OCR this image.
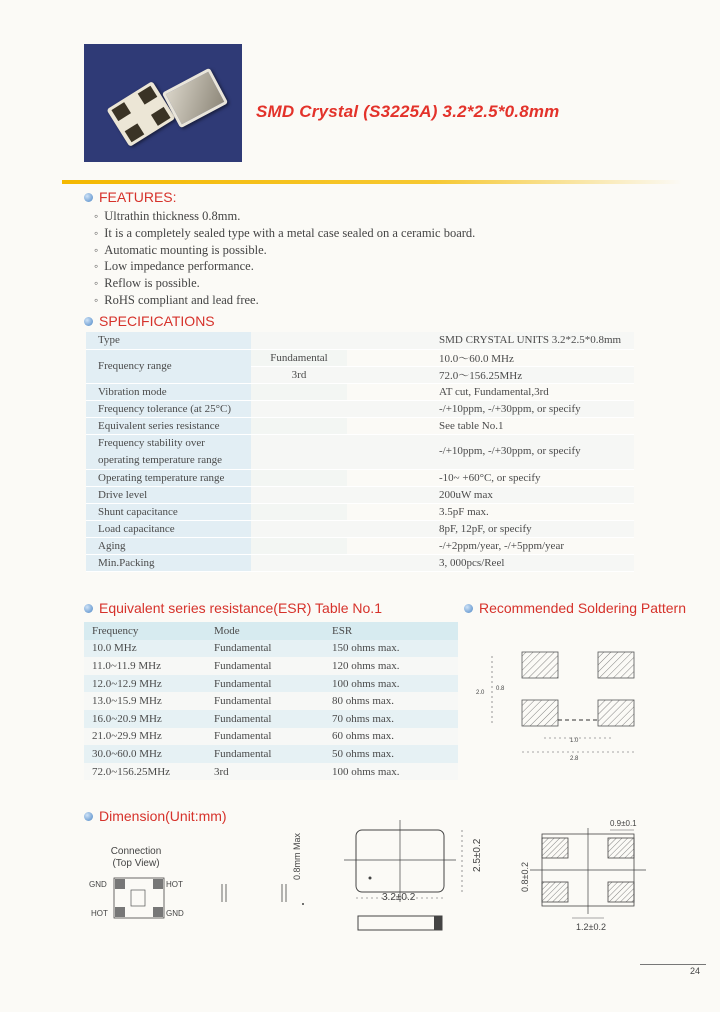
SMD Crystal (S3225A) 3.2*2.5*0.8mm
FEATURES:
◦ Ultrathin thickness 0.8mm.
◦ It is a completely sealed type with a metal case sealed on a ceramic board.
◦ Automatic mounting is possible.
◦ Low impedance performance.
◦ Reflow is possible.
◦ RoHS compliant and lead free.
SPECIFICATIONS
Type		SMD CRYSTAL UNITS 3.2*2.5*0.8mm
Frequency range	Fundamental	10.0～60.0 MHz
	3rd	72.0～156.25MHz
Vibration mode		AT cut, Fundamental,3rd
Frequency tolerance (at 25°C)		-/+10ppm, -/+30ppm, or specify
Equivalent series resistance		See table No.1
Frequency stability over
operating temperature range		-/+10ppm, -/+30ppm, or specify
Operating temperature range		-10~ +60°C, or specify
Drive level		200uW max
Shunt capacitance		3.5pF max.
Load capacitance		8pF, 12pF, or specify
Aging		-/+2ppm/year, -/+5ppm/year
Min.Packing		3, 000pcs/Reel
Equivalent series resistance(ESR) Table No.1
Frequency	Mode	ESR
10.0 MHz	Fundamental	150 ohms max.
11.0~11.9 MHz	Fundamental	120 ohms max.
12.0~12.9 MHz	Fundamental	100 ohms max.
13.0~15.9 MHz	Fundamental	80 ohms max.
16.0~20.9 MHz	Fundamental	70 ohms max.
21.0~29.9 MHz	Fundamental	60 ohms max.
30.0~60.0 MHz	Fundamental	50 ohms max.
72.0~156.25MHz	3rd	100 ohms max.
Recommended Soldering Pattern
2.0
0.8
1.0
2.8
Dimension(Unit:mm)
Connection
(Top View)
GND	HOT
HOT	GND
0.8mm Max	2.5±0.2
3.2±0.2
0.9±0.1
0.8±0.2
1.2±0.2
24
